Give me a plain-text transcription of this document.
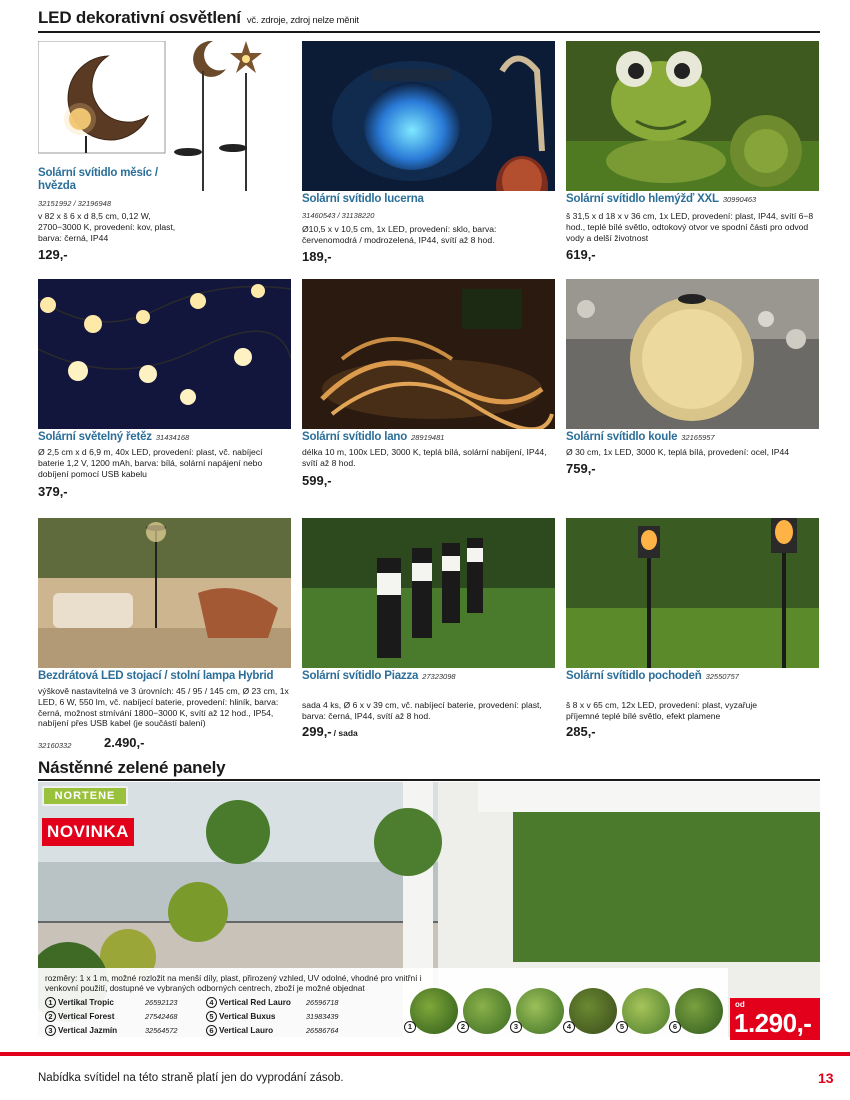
LED dekorativní osvětlení vč. zdroje, zdroj nelze měnit
Solární svítidlo měsíc / hvězda
32151992 / 32196948
v 82 x š 6 x d 8,5 cm, 0,12 W, 2700−3000 K, provedení: kov, plast, barva: černá, IP44
129,-
Solární svítidlo lucerna
31460543 / 31138220
Ø10,5 x v 10,5 cm, 1x LED, provedení: sklo, barva: červenomodrá / modrozelená, IP44, svítí až 8 hod.
189,-
Solární svítidlo hlemýžď XXL 30990463
š 31,5 x d 18 x v 36 cm, 1x LED, provedení: plast, IP44, svítí 6−8 hod., teplé bílé světlo, odtokový otvor ve spodní části pro odvod vody a delší životnost
619,-
Solární světelný řetěz 31434168
Ø 2,5 cm x d 6,9 m, 40x LED, provedení: plast, vč. nabíjecí baterie 1,2 V, 1200 mAh, barva: bílá, solární napájení nebo dobíjení pomocí USB kabelu
379,-
Solární svítidlo lano 28919481
délka 10 m, 100x LED, 3000 K, teplá bílá, solární nabíjení, IP44, svítí až 8 hod.
599,-
Solární svítidlo koule 32165957
Ø 30 cm, 1x LED, 3000 K, teplá bílá, provedení: ocel, IP44
759,-
Bezdrátová LED stojací / stolní lampa Hybrid
výškově nastavitelná ve 3 úrovních: 45 / 95 / 145 cm, Ø 23 cm, 1x LED, 6 W, 550 lm, vč. nabíjecí baterie, provedení: hliník, barva: černá, možnost stmívání 1800−3000 K, svítí až 12 hod., IP54, nabíjení přes USB kabel (je součástí balení)
32160332	2.490,-
Solární svítidlo Piazza 27323098
sada 4 ks, Ø 6 x v 39 cm, vč. nabíjecí baterie, provedení: plast, barva: černá, IP44, svítí až 8 hod.
299,- / sada
Solární svítidlo pochodeň 32550757
š 8 x v 65 cm, 12x LED, provedení: plast, vyzařuje příjemné teplé bílé světlo, efekt plamene
285,-
Nástěnné zelené panely
NORTENE
NOVINKA
rozměry: 1 x 1 m, možné rozložit na menší díly, plast, přirozený vzhled, UV odolné, vhodné pro vnitřní i venkovní použití, dostupné ve vybraných odborných centrech, zboží je možné objednat
1 Vertikal Tropic	26592123
2 Vertical Forest	27542468
3 Vertical Jazmín	32564572
4 Vertical Red Lauro 26596718
5 Vertical Buxus	31983439
6 Vertical Lauro	26586764	1	2	3	4	5	6
od
1.290,-
Nabídka svítidel na této straně platí jen do vyprodání zásob.	13
